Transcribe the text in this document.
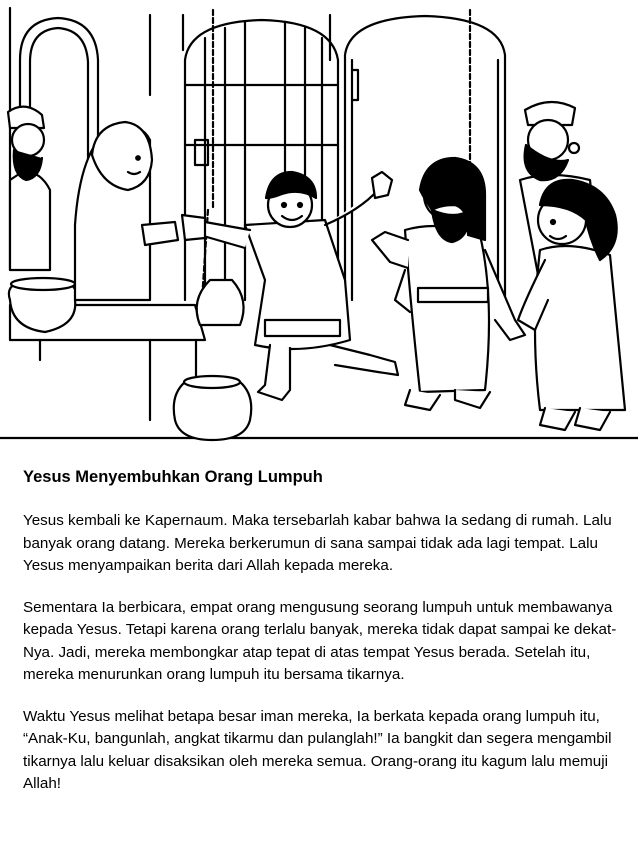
Yesus Menyembuhkan Orang Lumpuh

Yesus kembali ke Kapernaum. Maka tersebarlah kabar bahwa Ia sedang di rumah. Lalu banyak orang datang. Mereka berkerumun di sana sampai tidak ada lagi tempat. Lalu Yesus menyampaikan berita dari Allah kepada mereka.

Sementara Ia berbicara, empat orang mengusung seorang lumpuh untuk membawanya kepada Yesus. Tetapi karena orang terlalu banyak, mereka tidak dapat sampai ke dekat-Nya. Jadi, mereka membongkar atap tepat di atas tempat Yesus berada. Setelah itu, mereka menurunkan orang lumpuh itu bersama tikarnya.

Waktu Yesus melihat betapa besar iman mereka, Ia berkata kepada orang lumpuh itu, “Anak-Ku, bangunlah, angkat tikarmu dan pulanglah!” Ia bangkit dan segera mengambil tikarnya lalu keluar disaksikan oleh mereka semua. Orang-orang itu kagum lalu memuji Allah!
